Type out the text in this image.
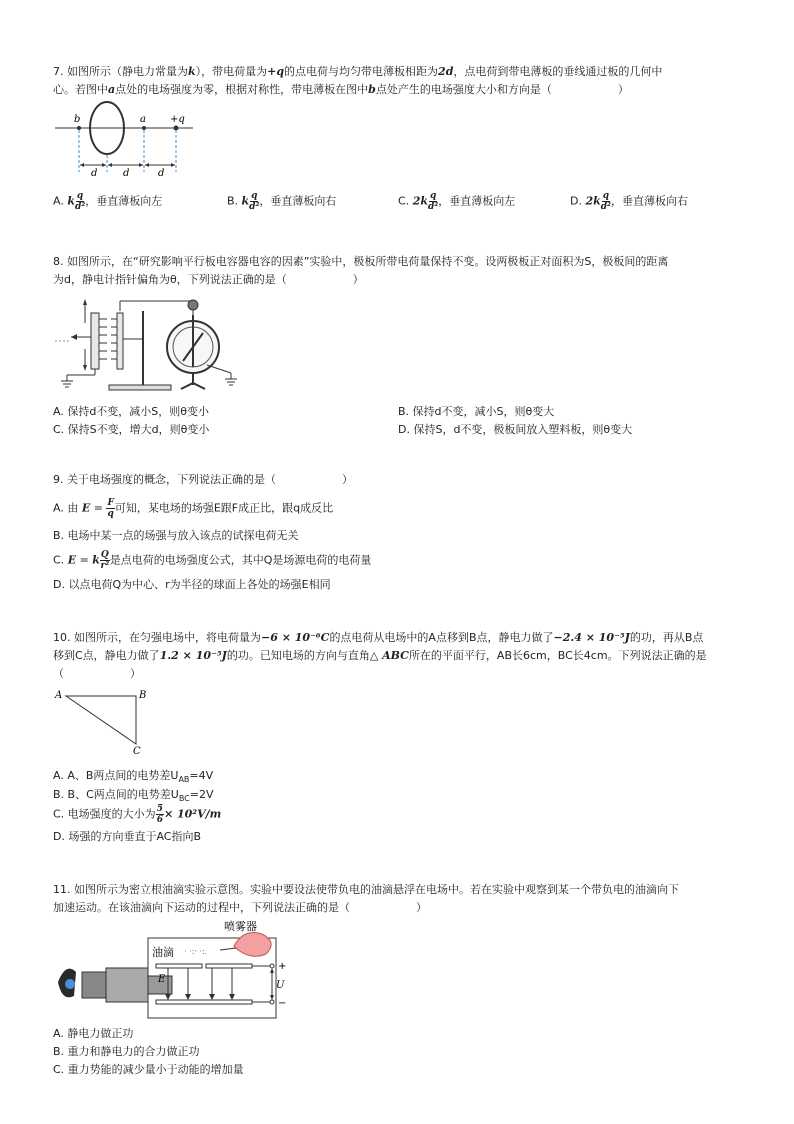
7. 如图所示（静电力常量为k），带电荷量为+q的点电荷与均匀带电薄板相距为2d，点电荷到带电薄板的垂线通过板的几何中
心。若图中a点处的电场强度为零，根据对称性，带电薄板在图中b点处产生的电场强度大小和方向是（　　　　　　）
b	a +q
d	d	d
A. k $\frac{q}{\text{d²}}$ ，垂直薄板向左	B. k $\frac{q}{\text{d²}}$ ，垂直薄板向右	C. $2k \frac{q}{\text{d²}}$ ，垂直薄板向左	D. $2k \frac{q}{\text{d²}}$ ，垂直薄板向右
8. 如图所示，在“研究影响平行板电容器电容的因素”实验中，极板所带电荷量保持不变。设两极板正对面积为S，极板间的距离
为d，静电计指针偏角为θ，下列说法正确的是（　　　　　　）
A. 保持d不变，减小S，则θ变小	B. 保持d不变，减小S，则θ变大
C. 保持S不变，增大d，则θ变小	D. 保持S，d不变，极板间放入塑料板，则θ变大
9. 关于电场强度的概念，下列说法正确的是（　　　　　　）
A. 由 $E = \frac{F}{q}$ 可知，某电场的场强E跟F成正比，跟q成反比
B. 电场中某一点的场强与放入该点的试探电荷无关
C. E = k $\frac{Q}{\text{r²}}$ 是点电荷的电场强度公式，其中Q是场源电荷的电荷量
D. 以点电荷Q为中心、r为半径的球面上各处的场强E相同
10. 如图所示，在匀强电场中，将电荷量为−6 × 10⁻⁶C的点电荷从电场中的A点移到B点，静电力做了−2.4 × 10⁻⁵J的功，再从B点
移到C点，静电力做了1.2 × 10⁻⁵J的功。已知电场的方向与直角△ ABC所在的平面平行，AB长6cm，BC长4cm。下列说法正确的是
（　　　　　　）
A	B
C
A. A、B两点间的电势差$U_{AB}=4V$
B. B、C两点间的电势差$U_{BC}=2V$
C. 电场强度的大小为 $\frac{5}{6} \times 10^2V/m$
D. 场强的方向垂直于AC指向B
11. 如图所示为密立根油滴实验示意图。实验中要设法使带负电的油滴悬浮在电场中。若在实验中观察到某一个带负电的油滴向下
加速运动。在该油滴向下运动的过程中，下列说法正确的是（　　　　　　）
油滴 · ·:· ·:.
E
喷雾器
+
U
−
A. 静电力做正功
B. 重力和静电力的合力做正功
C. 重力势能的减少量小于动能的增加量
